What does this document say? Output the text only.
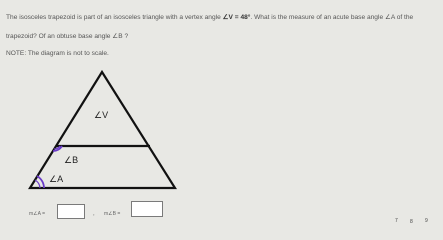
The isosceles trapezoid is part of an isosceles triangle with a vertex angle ∠V = 48°. What is the measure of an acute base angle ∠A of the
trapezoid? Of an obtuse base angle ∠B ?
NOTE: The diagram is not to scale.
∠V
∠B
∠A
m∠A =	, m∠B =
7 8 9
